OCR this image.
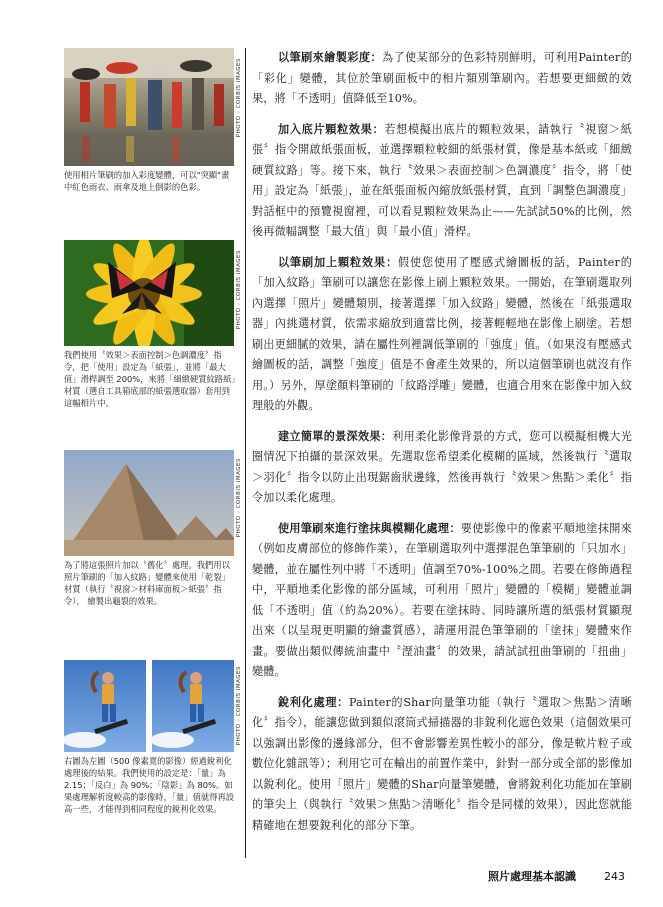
PHOTO : CORBIS IMAGES
使用相片筆刷的加入彩度變體，可以"突顯"畫中紅色雨衣、雨傘及地上倒影的色彩。
PHOTO : CORBIS IMAGES
我們使用〝效果＞表面控制＞色調濃度〞指令，把「使用」設定為「紙張」，並將「最大值」滑桿調至 200%，來將「細緻硬質紋路紙」材質（選自工具箱底部的紙張選取器）套用到這幅相片中。
PHOTO : CORBIS IMAGES
為了將這張照片加以〝舊化〞處理。我們用以照片筆刷的「加入紋路」變體來使用「乾裂」材質（執行〝視窗＞材料庫面板＞紙張〞指令）， 繪製出龜裂的效果。
PHOTO : CORBIS IMAGES
右圖為左圖（500 像素寬的影像）經過銳利化處理後的結果。我們使用的設定是：「量」為 2.15；「反白」為 90%；「陰影」為 80%。如果處理解析度較高的影像時，「量」值就得再設高一些，才能得到相同程度的銳利化效果。

以筆刷來繪製彩度：為了使某部分的色彩特別鮮明，可利用Painter的「彩化」變體，其位於筆刷面板中的相片類別筆刷內。若想要更細緻的效果，將「不透明」值降低至10%。

加入底片顆粒效果：若想模擬出底片的顆粒效果，請執行〝視窗＞紙張〞指令開啟紙張面板，並選擇顆粒較細的紙張材質，像是基本紙或「細緻硬質紋路」等。接下來，執行〝效果＞表面控制＞色調濃度〞指令，將「使用」設定為「紙張」，並在紙張面板內縮放紙張材質，直到「調整色調濃度」對話框中的預覽視窗裡，可以看見顆粒效果為止——先試試50%的比例，然後再微幅調整「最大值」與「最小值」滑桿。

以筆刷加上顆粒效果：假使您使用了壓感式繪圖板的話，Painter的「加入紋路」筆刷可以讓您在影像上刷上顆粒效果。一開始，在筆刷選取列內選擇「照片」變體類別，接著選擇「加入紋路」變體，然後在「紙張選取器」內挑選材質，依需求縮放到適當比例，接著輕輕地在影像上刷塗。若想刷出更細膩的效果，請在屬性列裡調低筆刷的「強度」值。（如果沒有壓感式繪圖板的話，調整「強度」值是不會產生效果的，所以這個筆刷也就沒有作用。）另外，厚塗顏料筆刷的「紋路浮雕」變體，也適合用來在影像中加入紋理般的外觀。

建立簡單的景深效果：利用柔化影像背景的方式，您可以模擬相機大光圈情況下拍攝的景深效果。先選取您希望柔化模糊的區域，然後執行〝選取＞羽化〞指令以防止出現鋸齒狀邊緣，然後再執行〝效果＞焦點＞柔化〞指令加以柔化處理。

使用筆刷來進行塗抹與模糊化處理：要使影像中的像素平順地塗抹開來（例如皮膚部位的修飾作業），在筆刷選取列中選擇混色筆筆刷的「只加水」變體，並在屬性列中將「不透明」值調至70%-100%之間。若要在修飾過程中，平順地柔化影像的部分區域，可利用「照片」變體的「模糊」變體並調低「不透明」值（約為20%）。若要在塗抹時、同時讓所選的紙張材質顯現出來（以呈現更明顯的繪畫質感），請運用混色筆筆刷的「塗抹」變體來作畫。要做出類似傳統油畫中〝溼油畫〞的效果，請試試扭曲筆刷的「扭曲」變體。

銳利化處理：Painter的Shar向量筆功能（執行〝選取＞焦點＞清晰化〞指令），能讓您做到類似滾筒式掃描器的非銳利化遮色效果（這個效果可以強調出影像的邊緣部分，但不會影響差異性較小的部分，像是軟片粒子或數位化雜訊等）；利用它可在輸出的前置作業中，針對一部分或全部的影像加以銳利化。使用「照片」變體的Shar向量筆變體，會將銳利化功能加在筆刷的筆尖上（與執行〝效果＞焦點＞清晰化〞指令是同樣的效果），因此您就能精確地在想要銳利化的部分下筆。

照片處理基本認識	243
